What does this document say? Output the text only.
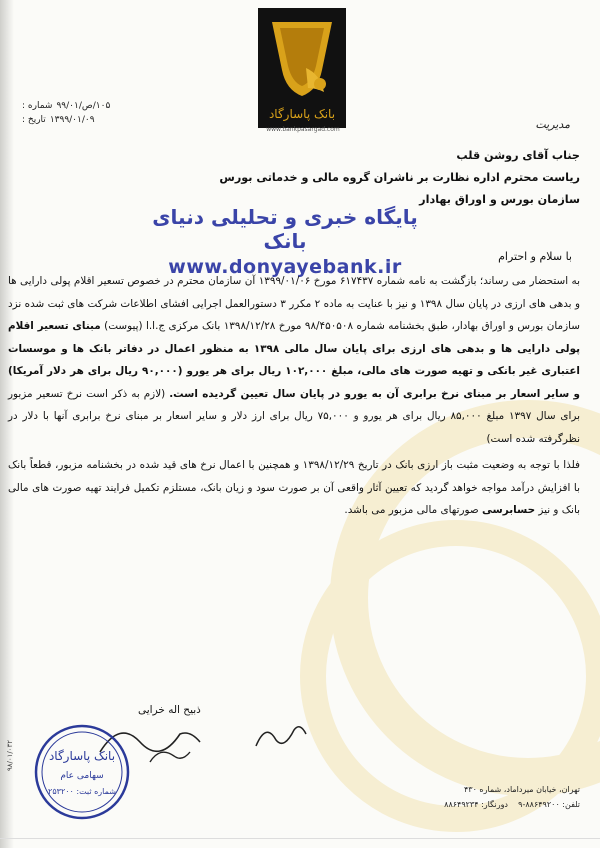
بانک پاسارگاد
www.bankpasargad.com
شماره : ۱۰۵/ص/۹۹/۰۱
تاریخ : ۱۳۹۹/۰۱/۰۹	مدیریت
۹۸/۰۱/۰۳۲
جناب آقای روشن قلب
ریاست محترم اداره نظارت بر ناشران گروه مالی و خدماتی بورس
سازمان بورس و اوراق بهادار
پایگاه خبری و تحلیلی دنیای بانک
www.donyayebank.ir	با سلام و احترام

به استحضار می رساند؛ بازگشت به نامه شماره ۶۱۷۴۳۷ مورخ ۱۳۹۹/۰۱/۰۶ آن سازمان محترم در خصوص تسعیر اقلام پولی دارایی ها و بدهی های ارزی در پایان سال ۱۳۹۸ و نیز با عنایت به ماده ۲ مکرر ۳ دستورالعمل اجرایی افشای اطلاعات شرکت های ثبت شده نزد سازمان بورس و اوراق بهادار، طبق بخشنامه شماره ۹۸/۴۵۰۵۰۸ مورخ ۱۳۹۸/۱۲/۲۸ بانک مرکزی ج.ا.ا (پیوست) مبنای تسعیر اقلام پولی دارایی ها و بدهی های ارزی برای پایان سال مالی ۱۳۹۸ به منظور اعمال در دفاتر بانک ها و موسسات اعتباری غیر بانکی و تهیه صورت های مالی، مبلغ ۱۰۲,۰۰۰ ریال برای هر یورو (۹۰,۰۰۰ ریال برای هر دلار آمریکا) و سایر اسعار بر مبنای نرخ برابری آن به یورو در پایان سال تعیین گردیده است. (لازم به ذکر است نرخ تسعیر مزبور برای سال ۱۳۹۷ مبلغ ۸۵,۰۰۰ ریال برای هر یورو و ۷۵,۰۰۰ ریال برای ارز دلار و سایر اسعار بر مبنای نرخ برابری آنها با دلار در نظرگرفته شده است)

فلذا با توجه به وضعیت مثبت باز ارزی بانک در تاریخ ۱۳۹۸/۱۲/۲۹ و همچنین با اعمال نرخ های قید شده در بخشنامه مزبور، قطعاً بانک با افزایش درآمد مواجه خواهد گردید که تعیین آثار واقعی آن بر صورت سود و زیان بانک، مستلزم تکمیل فرایند تهیه صورت های مالی بانک و نیز حسابرسی صورتهای مالی مزبور می باشد.

ذبیح اله خرایی
بانک پاسارگاد
سهامی عام
شماره ثبت: ۲۵۳۲۰۰	تهران، خیابان میرداماد، شماره ۴۳۰
تلفن: ۸۸۶۴۹۲۰۰-۹    دورنگار: ۸۸۶۴۹۲۳۴
